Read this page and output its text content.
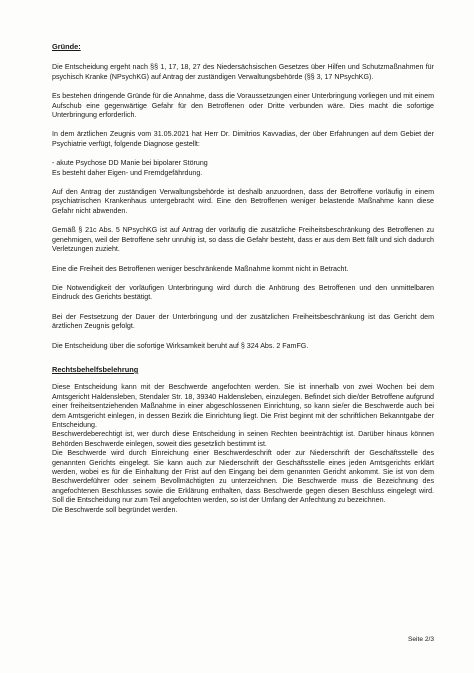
Gründe:

Die Entscheidung ergeht nach §§ 1, 17, 18, 27 des Niedersächsischen Gesetzes über Hilfen und Schutzmaßnahmen für psychisch Kranke (NPsychKG) auf Antrag der zuständigen Verwaltungsbehörde (§§ 3, 17 NPsychKG).

Es bestehen dringende Gründe für die Annahme, dass die Voraussetzungen einer Unterbringung vorliegen und mit einem Aufschub eine gegenwärtige Gefahr für den Betroffenen oder Dritte verbunden wäre. Dies macht die sofortige Unterbringung erforderlich.

In dem ärztlichen Zeugnis vom 31.05.2021 hat Herr Dr. Dimitrios Kavvadias, der über Erfahrungen auf dem Gebiet der Psychiatrie verfügt, folgende Diagnose gestellt:

- akute Psychose DD Manie bei bipolarer Störung
Es besteht daher Eigen- und Fremdgefährdung.

Auf den Antrag der zuständigen Verwaltungsbehörde ist deshalb anzuordnen, dass der Betroffene vorläufig in einem psychiatrischen Krankenhaus untergebracht wird. Eine den Betroffenen weniger belastende Maßnahme kann diese Gefahr nicht abwenden.

Gemäß § 21c Abs. 5 NPsychKG ist auf Antrag der vorläufig die zusätzliche Freiheitsbeschränkung des Betroffenen zu genehmigen, weil der Betroffene sehr unruhig ist, so dass die Gefahr besteht, dass er aus dem Bett fällt und sich dadurch Verletzungen zuzieht.

Eine die Freiheit des Betroffenen weniger beschränkende Maßnahme kommt nicht in Betracht.

Die Notwendigkeit der vorläufigen Unterbringung wird durch die Anhörung des Betroffenen und den unmittelbaren Eindruck des Gerichts bestätigt.

Bei der Festsetzung der Dauer der Unterbringung und der zusätzlichen Freiheitsbeschränkung ist das Gericht dem ärztlichen Zeugnis gefolgt.

Die Entscheidung über die sofortige Wirksamkeit beruht auf § 324 Abs. 2 FamFG.

Rechtsbehelfsbelehrung

Diese Entscheidung kann mit der Beschwerde angefochten werden. Sie ist innerhalb von zwei Wochen bei dem Amtsgericht Haldensleben, Stendaler Str. 18, 39340 Haldensleben, einzulegen. Befindet sich die/der Betroffene aufgrund einer freiheitsentziehenden Maßnahme in einer abgeschlossenen Einrichtung, so kann sie/er die Beschwerde auch bei dem Amtsgericht einlegen, in dessen Bezirk die Einrichtung liegt. Die Frist beginnt mit der schriftlichen Bekanntgabe der Entscheidung.

Beschwerdeberechtigt ist, wer durch diese Entscheidung in seinen Rechten beeinträchtigt ist. Darüber hinaus können Behörden Beschwerde einlegen, soweit dies gesetzlich bestimmt ist.

Die Beschwerde wird durch Einreichung einer Beschwerdeschrift oder zur Niederschrift der Geschäftsstelle des genannten Gerichts eingelegt. Sie kann auch zur Niederschrift der Geschäftsstelle eines jeden Amtsgerichts erklärt werden, wobei es für die Einhaltung der Frist auf den Eingang bei dem genannten Gericht ankommt. Sie ist von dem Beschwerdeführer oder seinem Bevollmächtigten zu unterzeichnen. Die Beschwerde muss die Bezeichnung des angefochtenen Beschlusses sowie die Erklärung enthalten, dass Beschwerde gegen diesen Beschluss eingelegt wird. Soll die Entscheidung nur zum Teil angefochten werden, so ist der Umfang der Anfechtung zu bezeichnen.

Die Beschwerde soll begründet werden.

Seite 2/3
